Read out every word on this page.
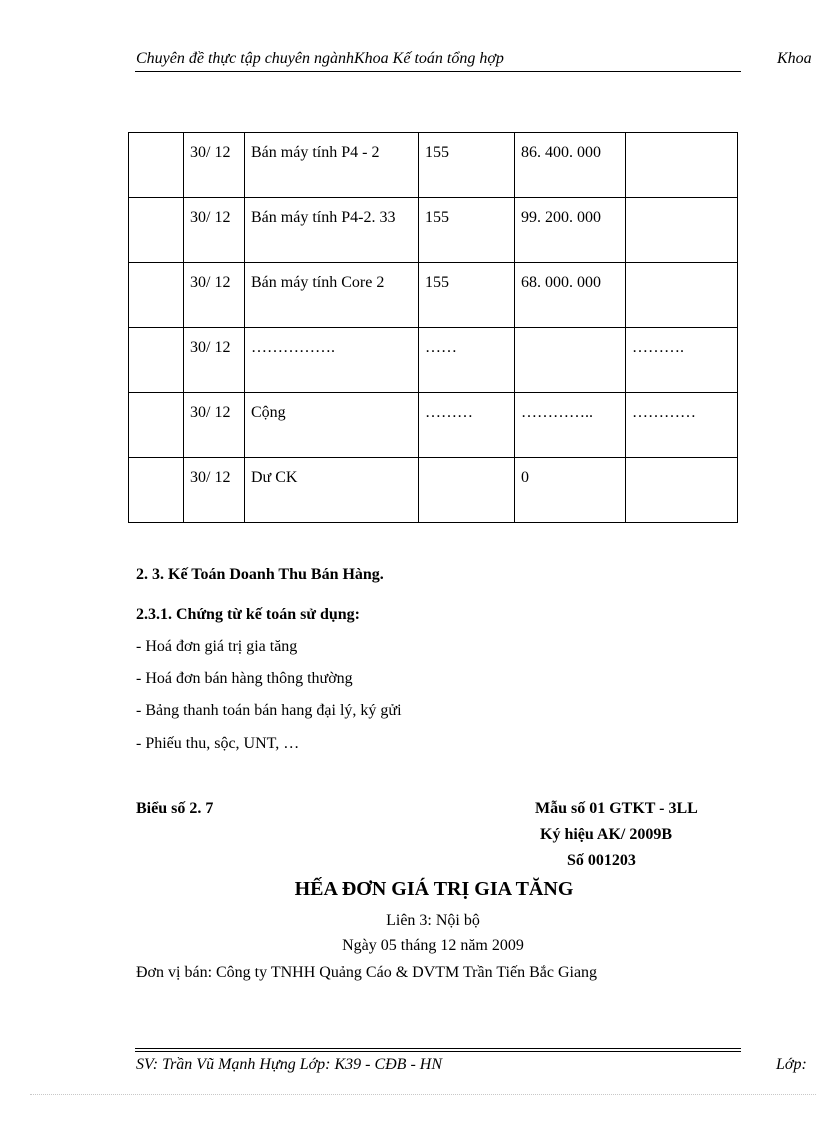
Chuyên đề thực tập chuyên ngànhKhoa Kế toán tổng hợp	Khoa
	30/ 12	Bán máy tính P4 - 2	155	86. 400. 000	
	30/ 12	Bán máy tính P4-2. 33	155	99. 200. 000	
	30/ 12	Bán máy tính Core 2	155	68. 000. 000	
	30/ 12	…………….	……		……….
	30/ 12	Cộng	………	…………..	…………
	30/ 12	Dư CK		0	
2. 3. Kế Toán Doanh Thu Bán Hàng.
2.3.1. Chứng từ kế toán sử dụng:
- Hoá đơn giá trị gia tăng
- Hoá đơn bán hàng thông thường
- Bảng thanh toán bán hang đại lý, ký gửi
- Phiếu thu, sộc, UNT, …
Biểu số 2. 7	Mẫu số 01 GTKT - 3LL
Ký hiệu AK/ 2009B
Số 001203
HẾA ĐƠN GIÁ TRỊ GIA TĂNG
Liên 3: Nội bộ
Ngày 05 tháng 12 năm 2009
Đơn vị bán: Công ty TNHH Quảng Cáo & DVTM Trần Tiến Bắc Giang
SV: Trần Vũ Mạnh Hựng Lớp: K39 - CĐB - HN	Lớp:
